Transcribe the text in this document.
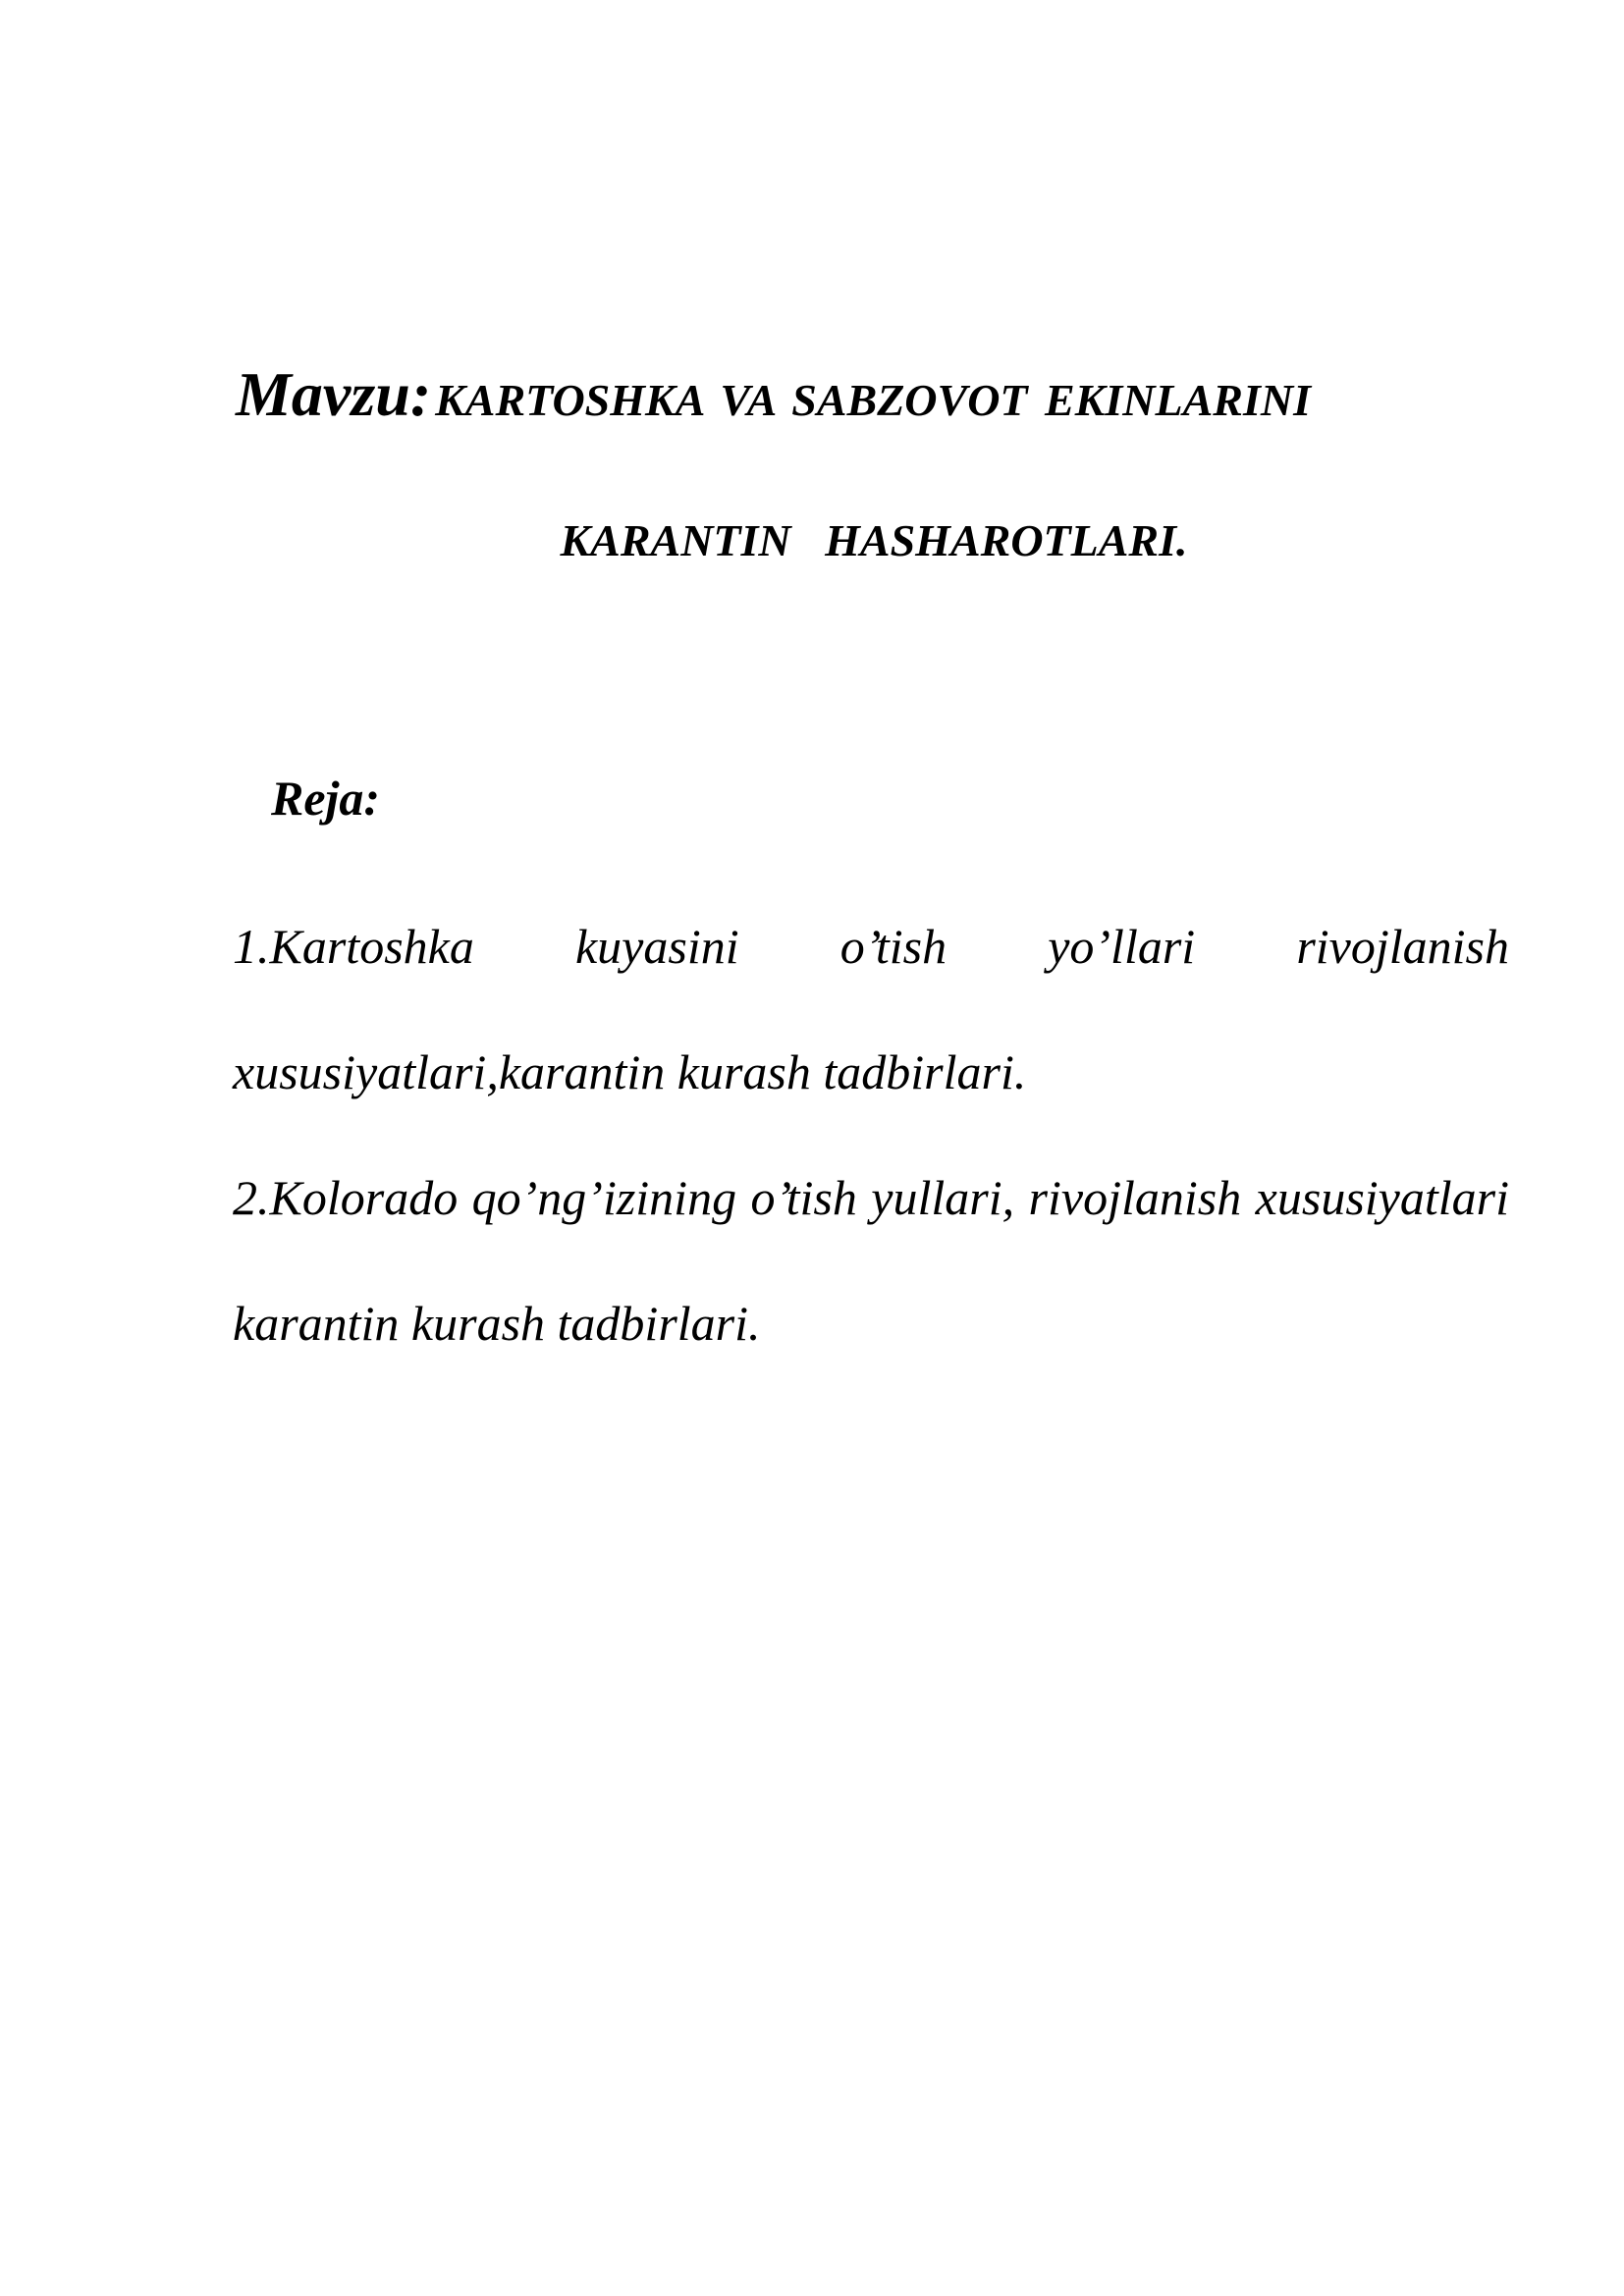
Mavzu: KARTOSHKA VA SABZOVOT EKINLARINI
KARANTIN   HASHAROTLARI.
Reja:

1.Kartoshka kuyasini o’tish yo’llari rivojlanish xususiyatlari,karantin kurash tadbirlari.

2.Kolorado qo’ng’izining o’tish yullari, rivojlanish xususiyatlari karantin kurash tadbirlari.
